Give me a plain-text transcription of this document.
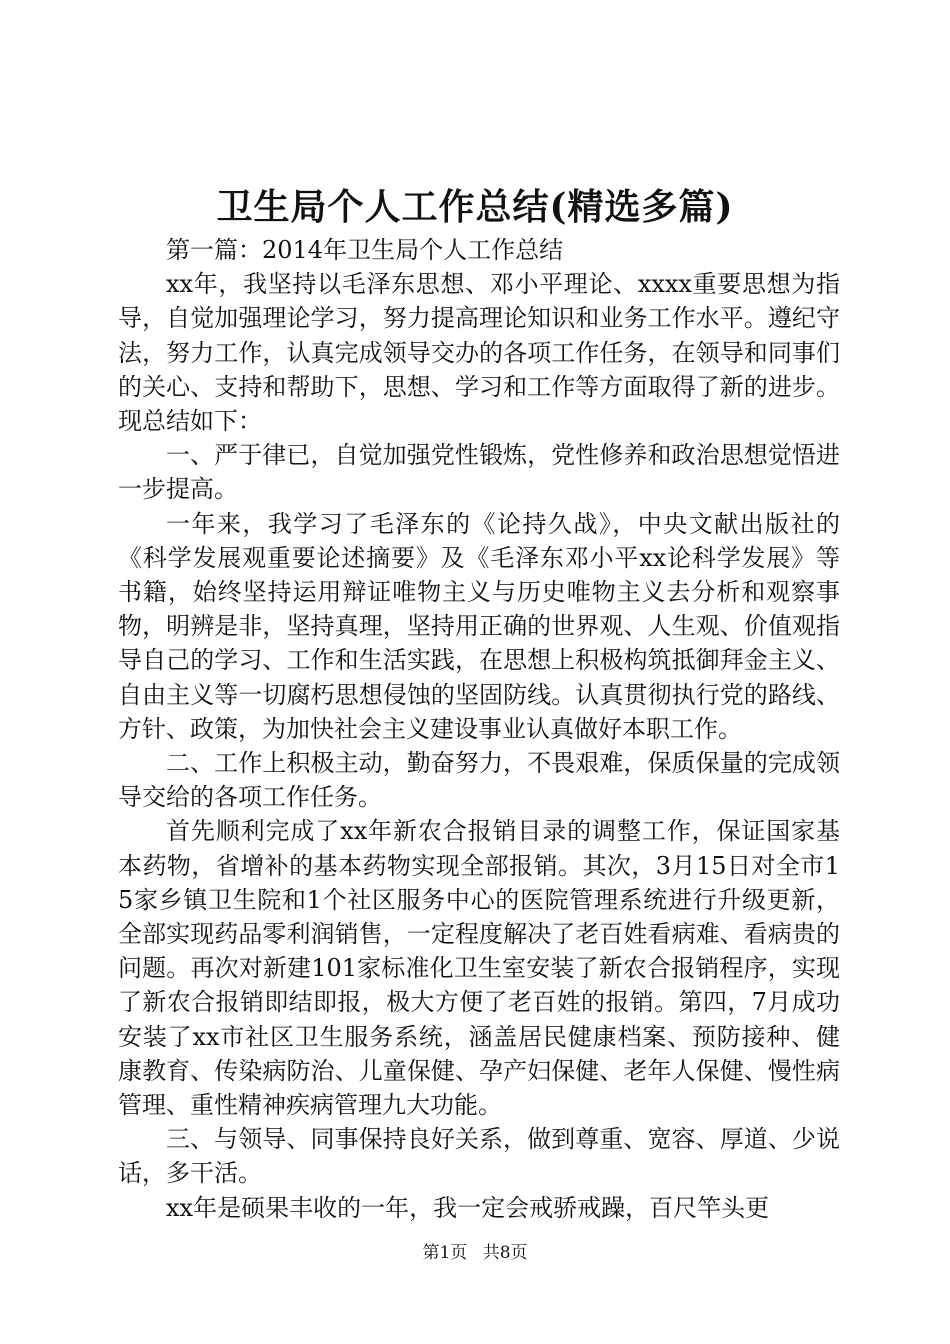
卫生局个人工作总结(精选多篇)

第一篇：2014年卫生局个人工作总结

xx年，我坚持以毛泽东思想、邓小平理论、xxxx重要思想为指导，自觉加强理论学习，努力提高理论知识和业务工作水平。遵纪守法，努力工作，认真完成领导交办的各项工作任务，在领导和同事们的关心、支持和帮助下，思想、学习和工作等方面取得了新的进步。现总结如下：

一、严于律已，自觉加强党性锻炼，党性修养和政治思想觉悟进一步提高。

一年来，我学习了毛泽东的《论持久战》，中央文献出版社的《科学发展观重要论述摘要》及《毛泽东邓小平xx论科学发展》等书籍，始终坚持运用辩证唯物主义与历史唯物主义去分析和观察事物，明辨是非，坚持真理，坚持用正确的世界观、人生观、价值观指导自己的学习、工作和生活实践，在思想上积极构筑抵御拜金主义、自由主义等一切腐朽思想侵蚀的坚固防线。认真贯彻执行党的路线、方针、政策，为加快社会主义建设事业认真做好本职工作。

二、工作上积极主动，勤奋努力，不畏艰难，保质保量的完成领导交给的各项工作任务。

首先顺利完成了xx年新农合报销目录的调整工作，保证国家基本药物，省增补的基本药物实现全部报销。其次，3月15日对全市15家乡镇卫生院和1个社区服务中心的医院管理系统进行升级更新，全部实现药品零利润销售，一定程度解决了老百姓看病难、看病贵的问题。再次对新建101家标准化卫生室安装了新农合报销程序，实现了新农合报销即结即报，极大方便了老百姓的报销。第四，7月成功安装了xx市社区卫生服务系统，涵盖居民健康档案、预防接种、健康教育、传染病防治、儿童保健、孕产妇保健、老年人保健、慢性病管理、重性精神疾病管理九大功能。

三、与领导、同事保持良好关系，做到尊重、宽容、厚道、少说话，多干活。

xx年是硕果丰收的一年，我一定会戒骄戒躁，百尺竿头更

第1页 共8页
